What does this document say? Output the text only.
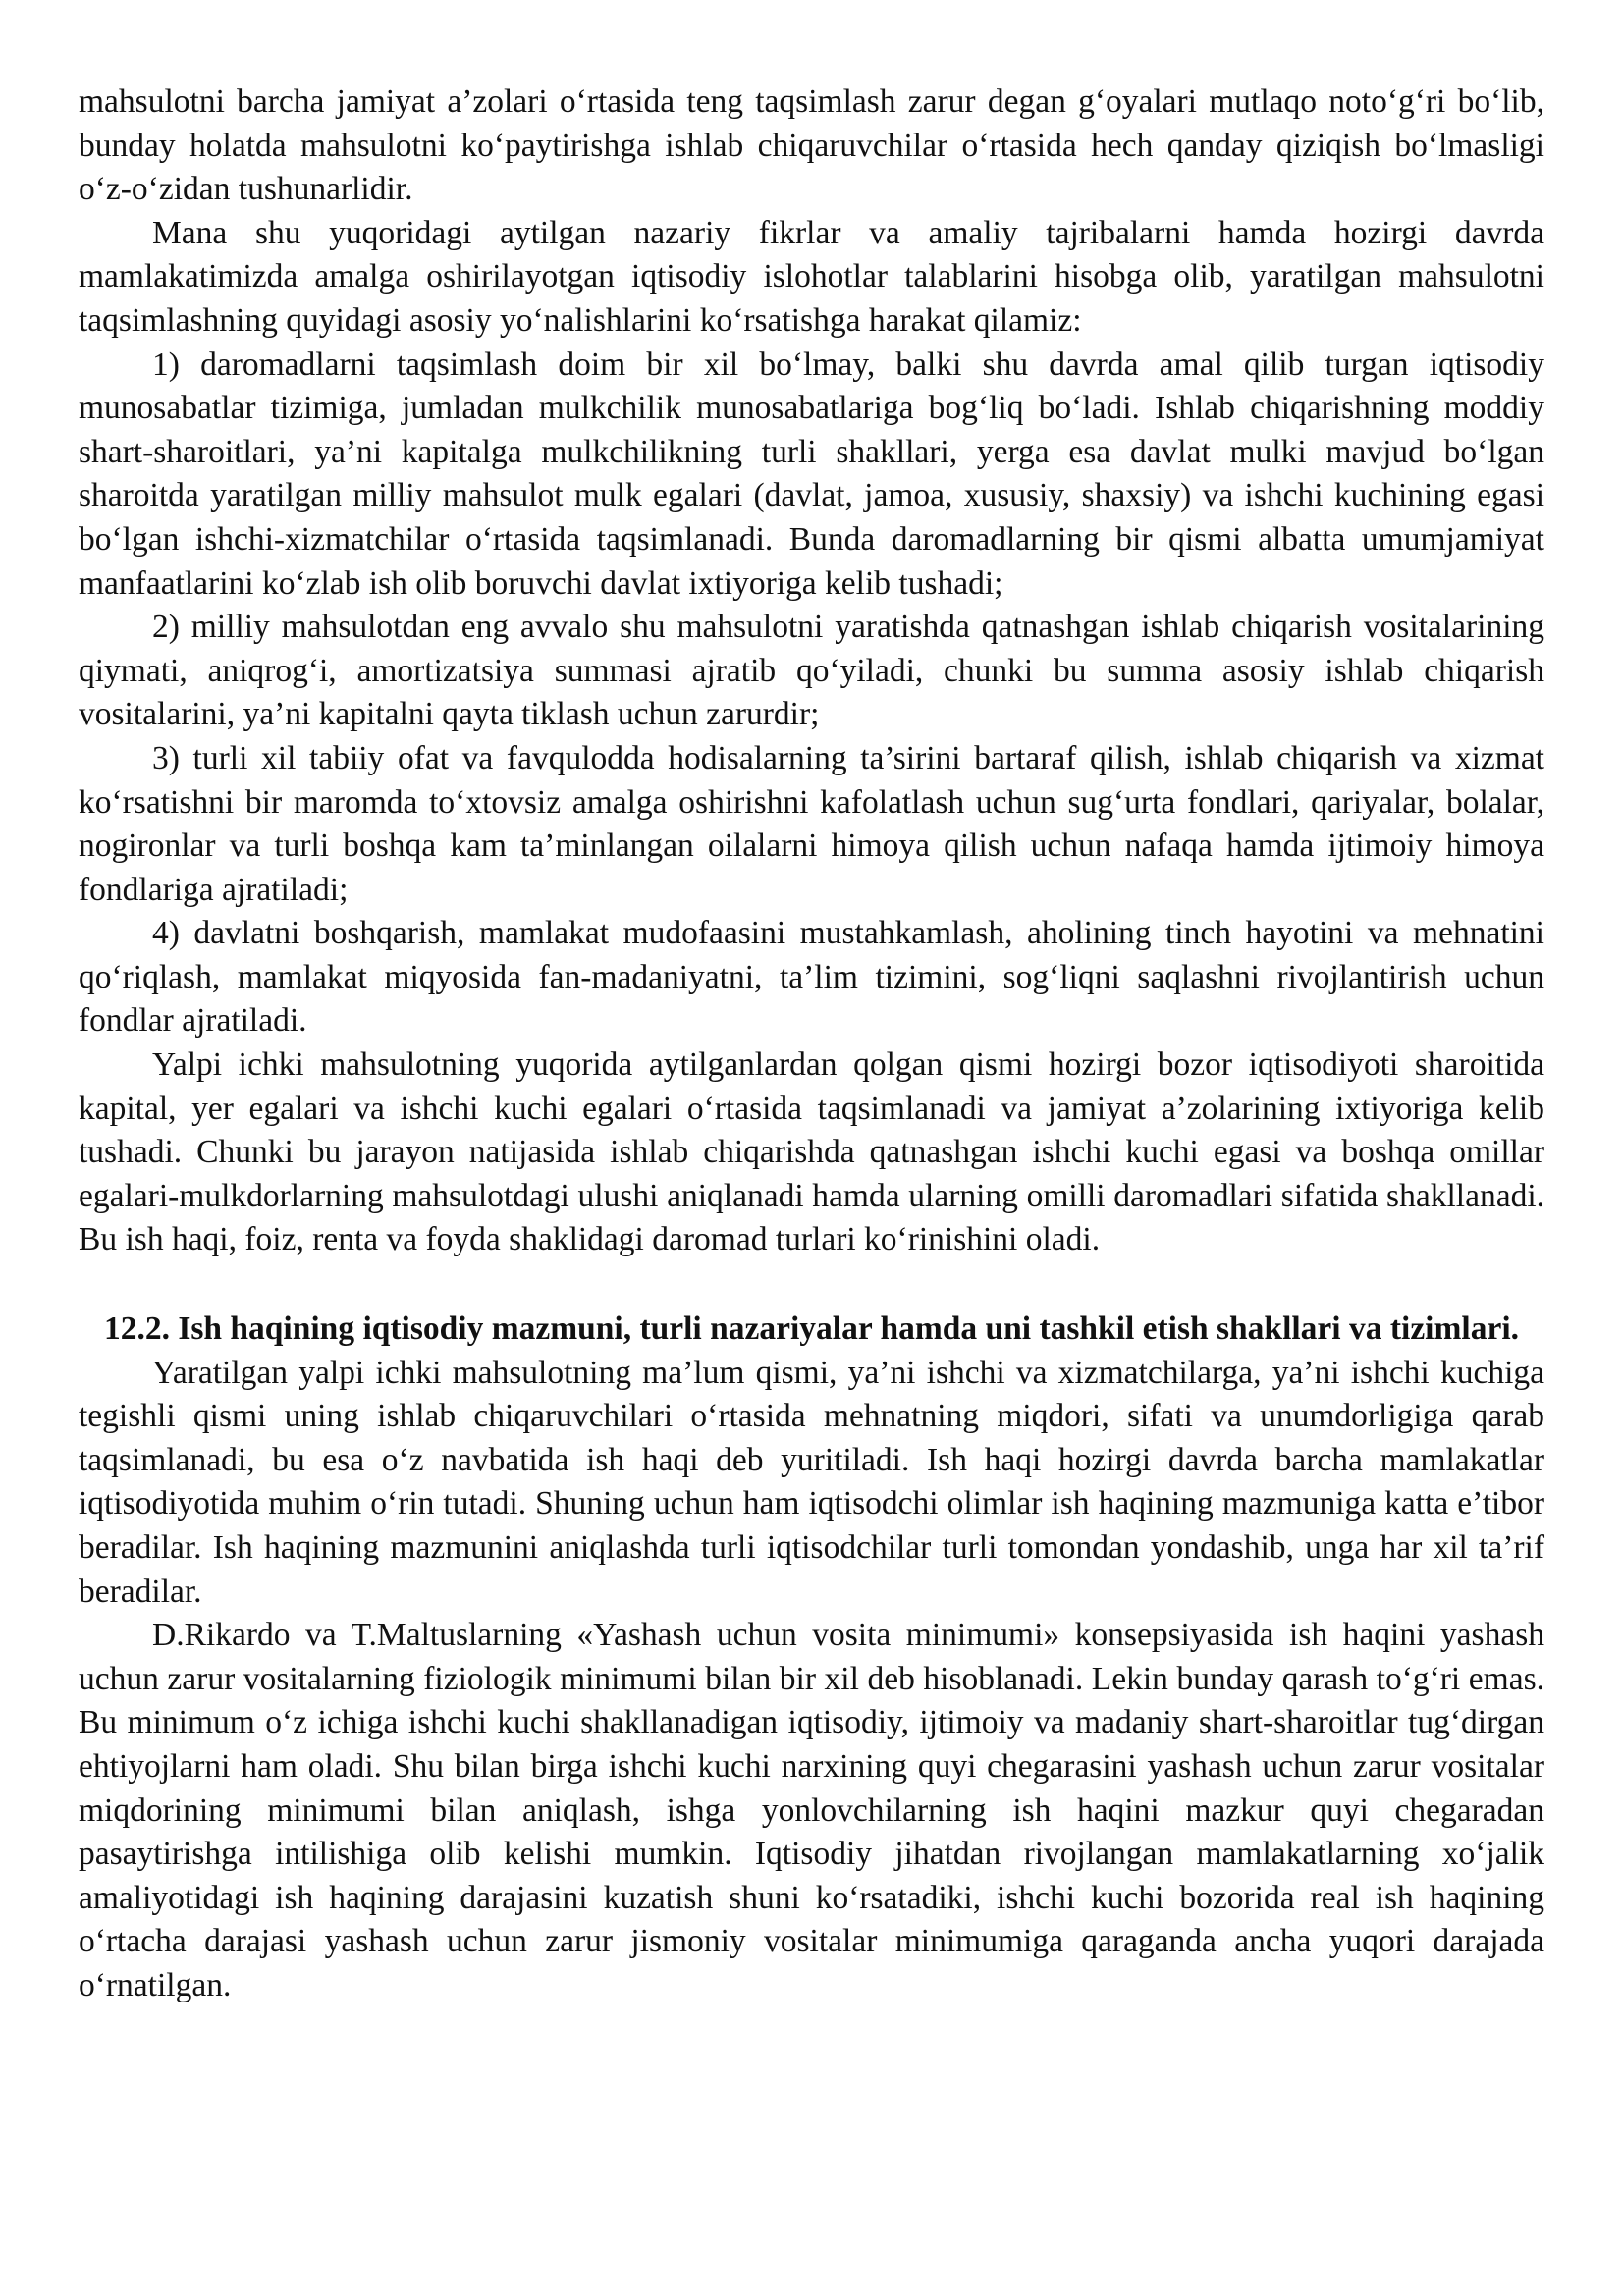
mahsulotni barcha jamiyat a’zolari o‘rtasida teng taqsimlash zarur degan g‘oyalari mutlaqo noto‘g‘ri bo‘lib, bunday holatda mahsulotni ko‘paytirishga ishlab chiqaruvchilar o‘rtasida hech qanday qiziqish bo‘lmasligi o‘z-o‘zidan tushunarlidir.

Mana shu yuqoridagi aytilgan nazariy fikrlar va amaliy tajribalarni hamda hozirgi davrda mamlakatimizda amalga oshirilayotgan iqtisodiy islohotlar talablarini hisobga olib, yaratilgan mahsulotni taqsimlashning quyidagi asosiy yo‘nalishlarini ko‘rsatishga harakat qilamiz:

1) daromadlarni taqsimlash doim bir xil bo‘lmay, balki shu davrda amal qilib turgan iqtisodiy munosabatlar tizimiga, jumladan mulkchilik munosabatlariga bog‘liq bo‘ladi. Ishlab chiqarishning moddiy shart-sharoitlari, ya’ni kapitalga mulkchilikning turli shakllari, yerga esa davlat mulki mavjud bo‘lgan sharoitda yaratilgan milliy mahsulot mulk egalari (davlat, jamoa, xususiy, shaxsiy) va ishchi kuchining egasi bo‘lgan ishchi-xizmatchilar o‘rtasida taqsimlanadi. Bunda daromadlarning bir qismi albatta umumjamiyat manfaatlarini ko‘zlab ish olib boruvchi davlat ixtiyoriga kelib tushadi;

2) milliy mahsulotdan eng avvalo shu mahsulotni yaratishda qatnashgan ishlab chiqarish vositalarining qiymati, aniqrog‘i, amortizatsiya summasi ajratib qo‘yiladi, chunki bu summa asosiy ishlab chiqarish vositalarini, ya’ni kapitalni qayta tiklash uchun zarurdir;

3) turli xil tabiiy ofat va favqulodda hodisalarning ta’sirini bartaraf qilish, ishlab chiqarish va xizmat ko‘rsatishni bir maromda to‘xtovsiz amalga oshirishni kafolatlash uchun sug‘urta fondlari, qariyalar, bolalar, nogironlar va turli boshqa kam ta’minlangan oilalarni himoya qilish uchun nafaqa hamda ijtimoiy himoya fondlariga ajratiladi;

4) davlatni boshqarish, mamlakat mudofaasini mustahkamlash, aholining tinch hayotini va mehnatini qo‘riqlash, mamlakat miqyosida fan-madaniyatni, ta’lim tizimini, sog‘liqni saqlashni rivojlantirish uchun fondlar ajratiladi.

Yalpi ichki mahsulotning yuqorida aytilganlardan qolgan qismi hozirgi bozor iqtisodiyoti sharoitida kapital, yer egalari va ishchi kuchi egalari o‘rtasida taqsimlanadi va jamiyat a’zolarining ixtiyoriga kelib tushadi. Chunki bu jarayon natijasida ishlab chiqarishda qatnashgan ishchi kuchi egasi va boshqa omillar egalari-mulkdorlarning mahsulotdagi ulushi aniqlanadi hamda ularning omilli daromadlari sifatida shakllanadi. Bu ish haqi, foiz, renta va foyda shaklidagi daromad turlari ko‘rinishini oladi.

12.2. Ish haqining iqtisodiy mazmuni, turli nazariyalar hamda uni tashkil etish shakllari va tizimlari.

Yaratilgan yalpi ichki mahsulotning ma’lum qismi, ya’ni ishchi va xizmatchilarga, ya’ni ishchi kuchiga tegishli qismi uning ishlab chiqaruvchilari o‘rtasida mehnatning miqdori, sifati va unumdorligiga qarab taqsimlanadi, bu esa o‘z navbatida ish haqi deb yuritiladi. Ish haqi hozirgi davrda barcha mamlakatlar iqtisodiyotida muhim o‘rin tutadi. Shuning uchun ham iqtisodchi olimlar ish haqining mazmuniga katta e’tibor beradilar. Ish haqining mazmunini aniqlashda turli iqtisodchilar turli tomondan yondashib, unga har xil ta’rif beradilar.

D.Rikardo va T.Maltuslarning «Yashash uchun vosita minimumi» konsepsiyasida ish haqini yashash uchun zarur vositalarning fiziologik minimumi bilan bir xil deb hisoblanadi. Lekin bunday qarash to‘g‘ri emas. Bu minimum o‘z ichiga ishchi kuchi shakllanadigan iqtisodiy, ijtimoiy va madaniy shart-sharoitlar tug‘dirgan ehtiyojlarni ham oladi. Shu bilan birga ishchi kuchi narxining quyi chegarasini yashash uchun zarur vositalar miqdorining minimumi bilan aniqlash, ishga yonlovchilarning ish haqini mazkur quyi chegaradan pasaytirishga intilishiga olib kelishi mumkin. Iqtisodiy jihatdan rivojlangan mamlakatlarning xo‘jalik amaliyotidagi ish haqining darajasini kuzatish shuni ko‘rsatadiki, ishchi kuchi bozorida real ish haqining o‘rtacha darajasi yashash uchun zarur jismoniy vositalar minimumiga qaraganda ancha yuqori darajada o‘rnatilgan.
